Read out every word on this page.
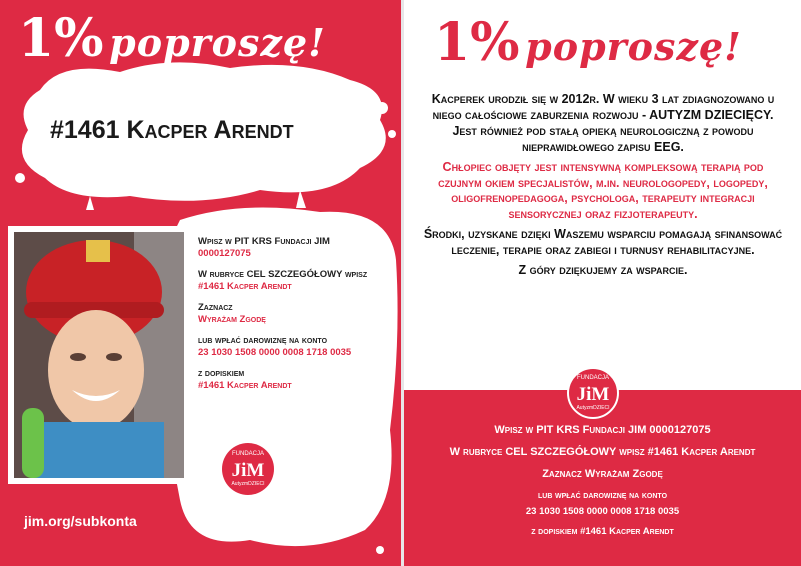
1% poproszę!
#1461 Kacper Arendt
Wpisz w PIT KRS Fundacji JIM
0000127075
W rubryce CEL SZCZEGÓŁOWY wpisz
#1461 Kacper Arendt
Zaznacz
Wyrażam Zgodę
lub wpłać darowiznę na konto
23 1030 1508 0000 0008 1718 0035
z dopiskiem
#1461 Kacper Arendt
FUNDACJA
JiM
AutyzmDZIECI
jim.org/subkonta
1% poproszę!

Kacperek urodził się w 2012r. W wieku 3 lat zdiagnozowano u niego całościowe zaburzenia rozwoju - AUTYZM DZIECIĘCY. Jest również pod stałą opieką neurologiczną z powodu nieprawidłowego zapisu EEG.

Chłopiec objęty jest intensywną kompleksową terapią pod czujnym okiem specjalistów, m.in. neurologopedy, logopedy, oligofrenopedagoga, psychologa, terapeuty integracji sensorycznej oraz fizjoterapeuty.

Środki, uzyskane dzięki Waszemu wsparciu pomagają sfinansować leczenie, terapie oraz zabiegi i turnusy rehabilitacyjne.

Z góry dziękujemy za wsparcie.

FUNDACJA
JiM
AutyzmDZIECI
Wpisz w PIT KRS Fundacji JIM 0000127075
W rubryce CEL SZCZEGÓŁOWY wpisz #1461 Kacper Arendt
Zaznacz Wyrażam Zgodę
lub wpłać darowiznę na konto
23 1030 1508 0000 0008 1718 0035
z dopiskiem #1461 Kacper Arendt
